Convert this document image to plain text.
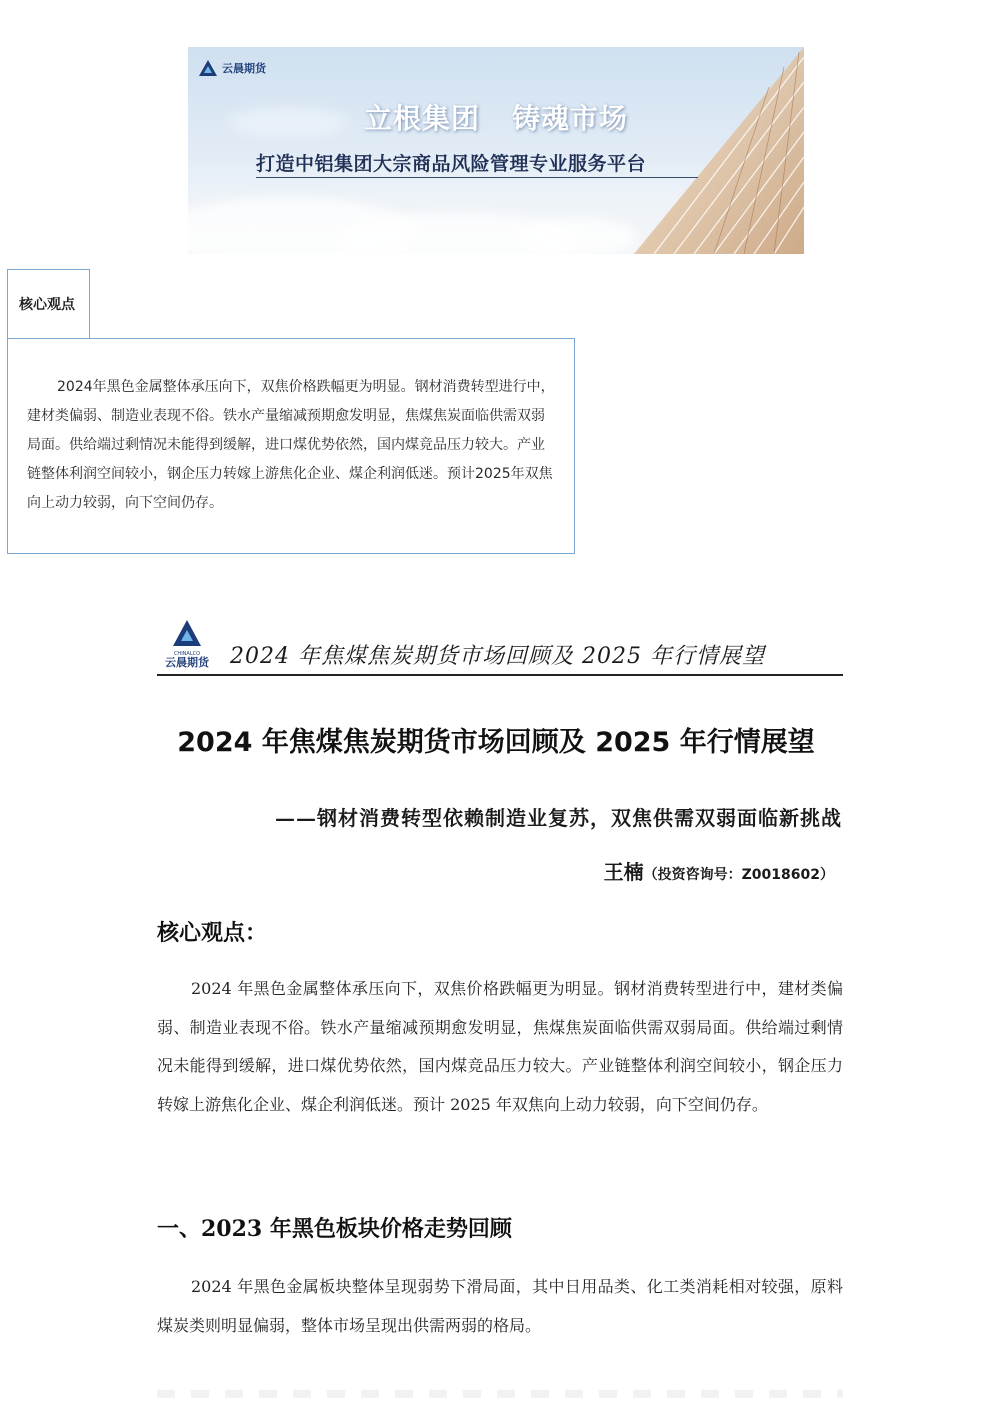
云晨期货
立根集团 铸魂市场
打造中铝集团大宗商品风险管理专业服务平台
核心观点
2024年黑色金属整体承压向下，双焦价格跌幅更为明显。钢材消费转型进行中，建材类偏弱、制造业表现不俗。铁水产量缩减预期愈发明显，焦煤焦炭面临供需双弱局面。供给端过剩情况未能得到缓解，进口煤优势依然，国内煤竞品压力较大。产业链整体利润空间较小，钢企压力转嫁上游焦化企业、煤企利润低迷。预计2025年双焦向上动力较弱，向下空间仍存。
CHINALCO
云晨期货 2024 年焦煤焦炭期货市场回顾及 2025 年行情展望
2024 年焦煤焦炭期货市场回顾及 2025 年行情展望
——钢材消费转型依赖制造业复苏，双焦供需双弱面临新挑战
王楠（投资咨询号：Z0018602）
核心观点：
2024 年黑色金属整体承压向下，双焦价格跌幅更为明显。钢材消费转型进行中，建材类偏弱、制造业表现不俗。铁水产量缩减预期愈发明显，焦煤焦炭面临供需双弱局面。供给端过剩情况未能得到缓解，进口煤优势依然，国内煤竞品压力较大。产业链整体利润空间较小，钢企压力转嫁上游焦化企业、煤企利润低迷。预计 2025 年双焦向上动力较弱，向下空间仍存。
一、2023 年黑色板块价格走势回顾
2024 年黑色金属板块整体呈现弱势下滑局面，其中日用品类、化工类消耗相对较强，原料煤炭类则明显偏弱，整体市场呈现出供需两弱的格局。
